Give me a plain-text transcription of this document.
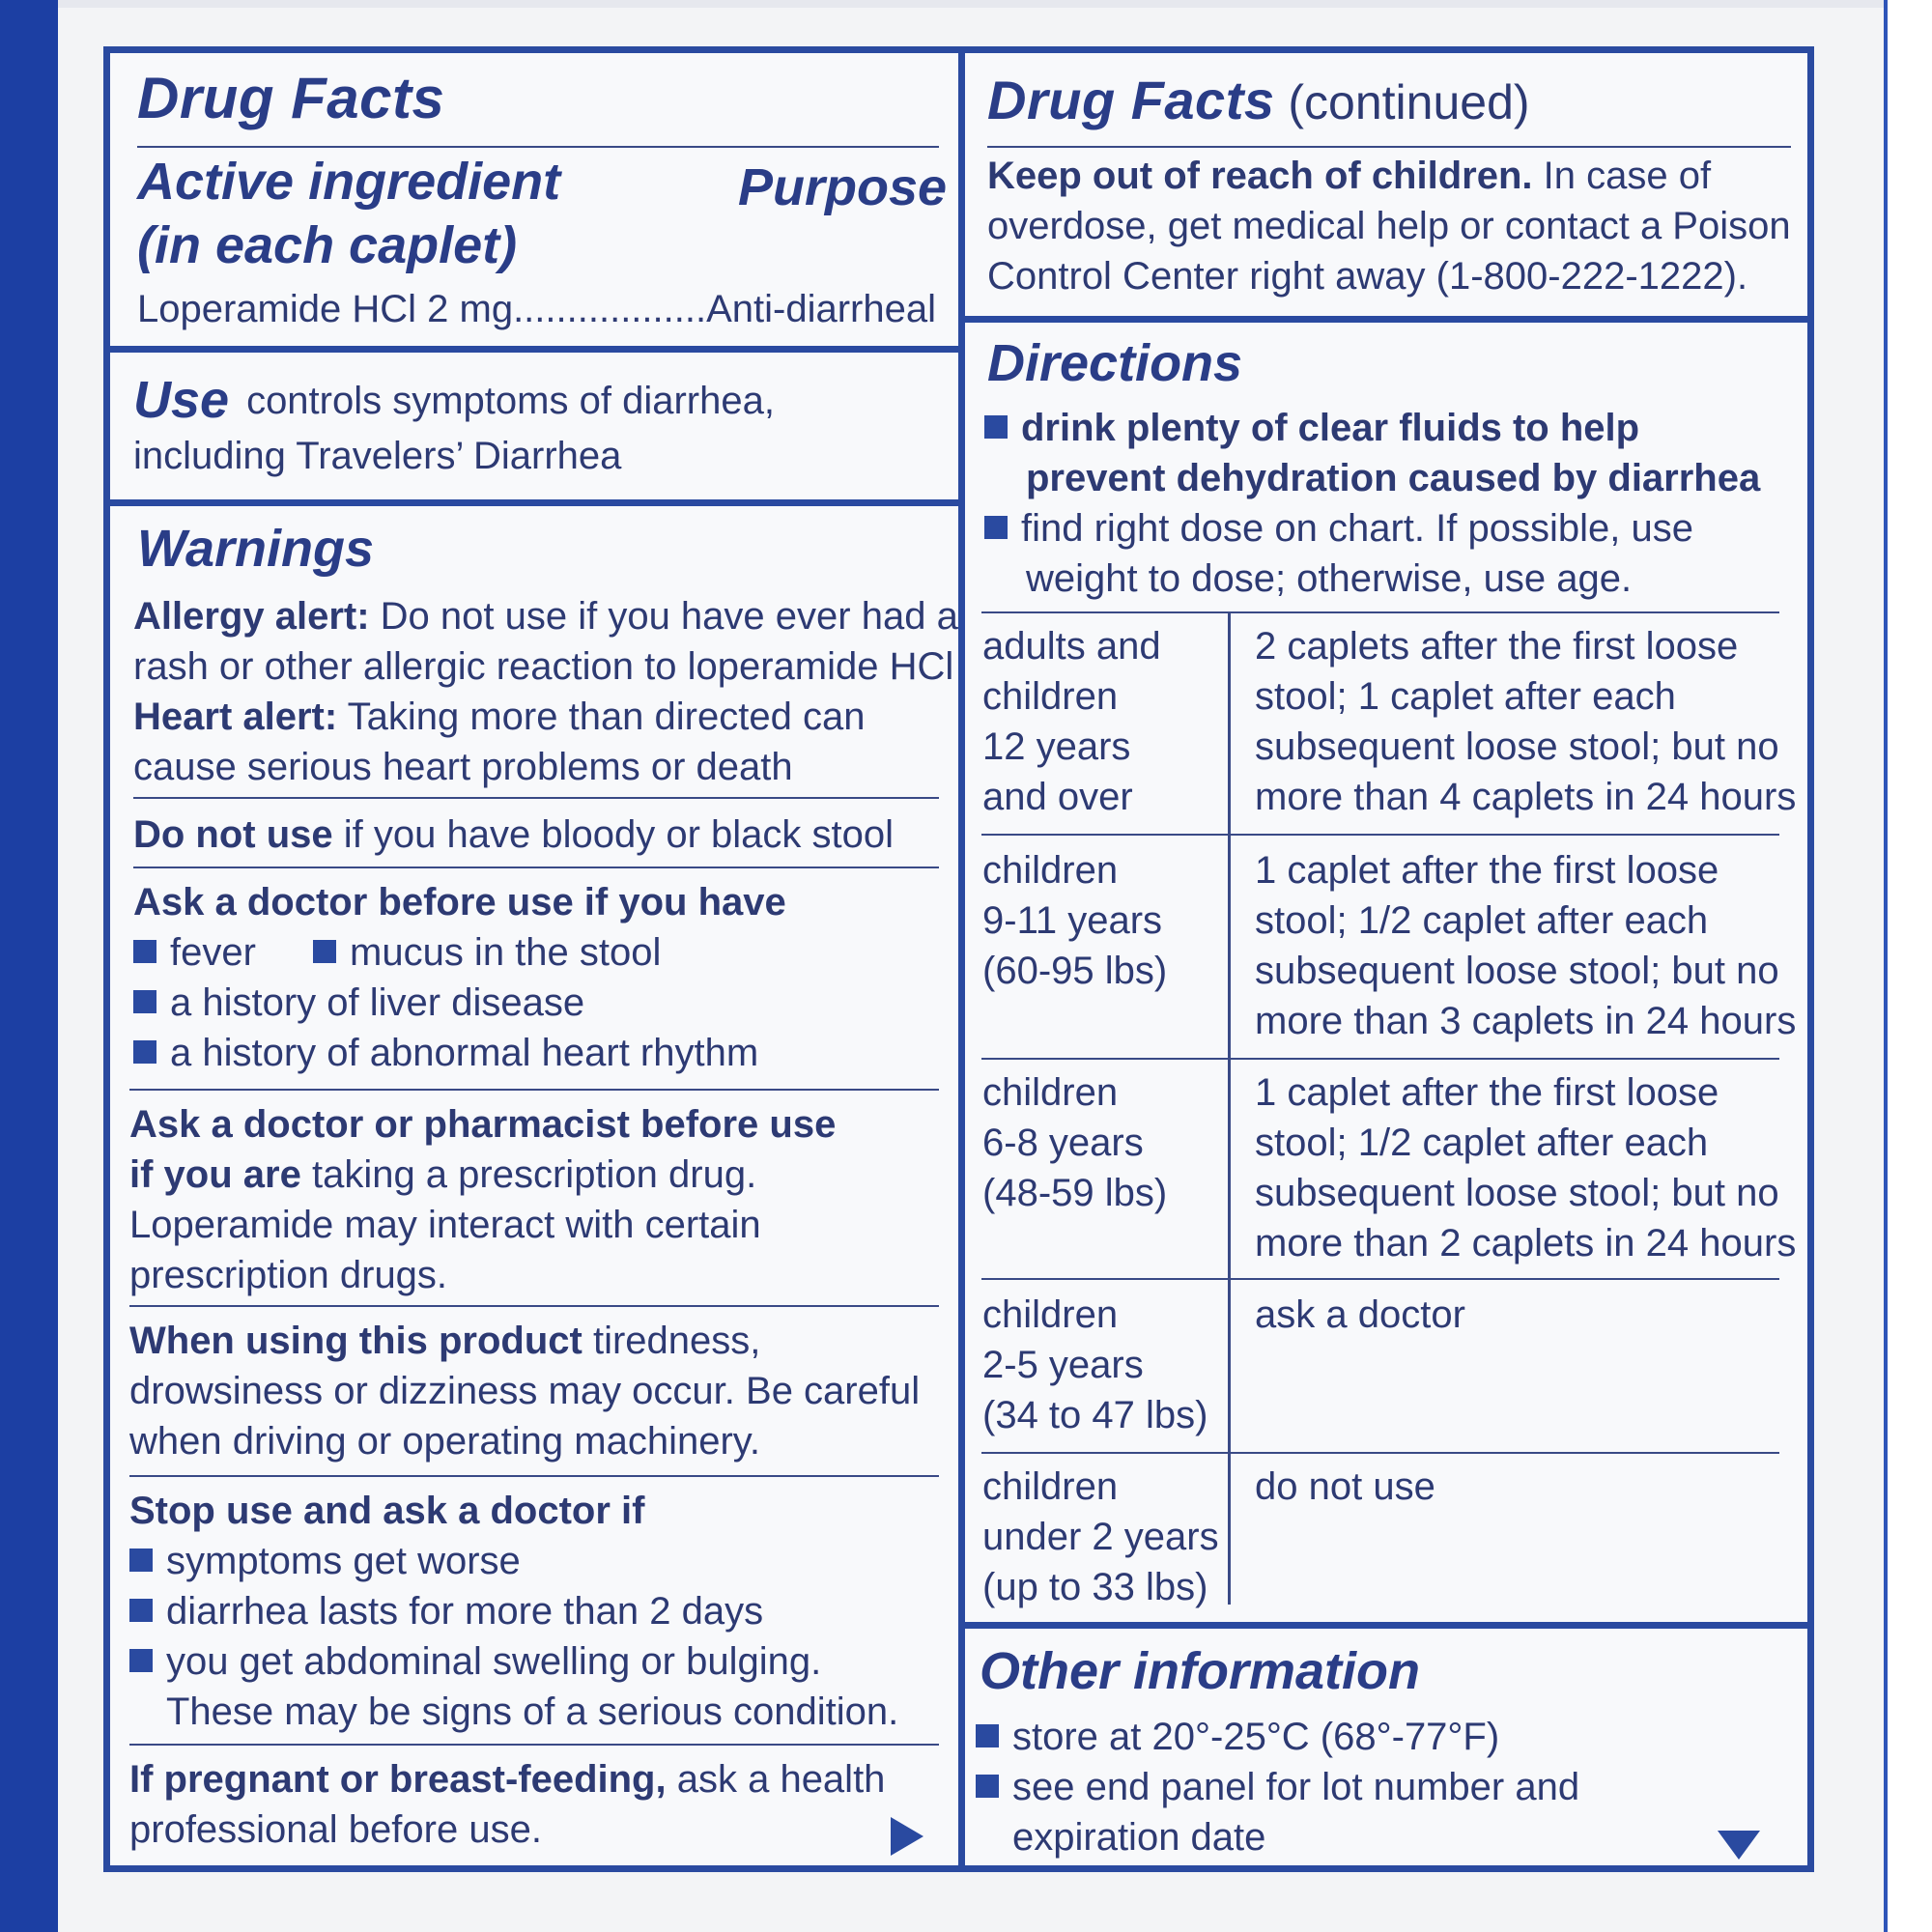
Drug Facts
Active ingredient
(in each caplet)
Purpose
Loperamide HCl 2 mg..................Anti-diarrheal
Use controls symptoms of diarrhea,
including Travelers’ Diarrhea
Warnings
Allergy alert: Do not use if you have ever had a
rash or other allergic reaction to loperamide HCl
Heart alert: Taking more than directed can
cause serious heart problems or death
Do not use if you have bloody or black stool
Ask a doctor before use if you have
fever	mucus in the stool
a history of liver disease
a history of abnormal heart rhythm
Ask a doctor or pharmacist before use
if you are taking a prescription drug.
Loperamide may interact with certain
prescription drugs.
When using this product tiredness,
drowsiness or dizziness may occur. Be careful
when driving or operating machinery.
Stop use and ask a doctor if
symptoms get worse
diarrhea lasts for more than 2 days
you get abdominal swelling or bulging.
These may be signs of a serious condition.
If pregnant or breast-feeding, ask a health
professional before use.
Drug Facts (continued)
Keep out of reach of children. In case of
overdose, get medical help or contact a Poison
Control Center right away (1-800-222-1222).
Directions
drink plenty of clear fluids to help
prevent dehydration caused by diarrhea
find right dose on chart. If possible, use
weight to dose; otherwise, use age.
adults and
children
12 years
and over
2 caplets after the first loose
stool; 1 caplet after each
subsequent loose stool; but no
more than 4 caplets in 24 hours
children
9-11 years
(60-95 lbs)
1 caplet after the first loose
stool; 1/2 caplet after each
subsequent loose stool; but no
more than 3 caplets in 24 hours
children
6-8 years
(48-59 lbs)
1 caplet after the first loose
stool; 1/2 caplet after each
subsequent loose stool; but no
more than 2 caplets in 24 hours
children
2-5 years
(34 to 47 lbs)
ask a doctor
children
under 2 years
(up to 33 lbs)
do not use
Other information
store at 20°-25°C (68°-77°F)
see end panel for lot number and
expiration date
